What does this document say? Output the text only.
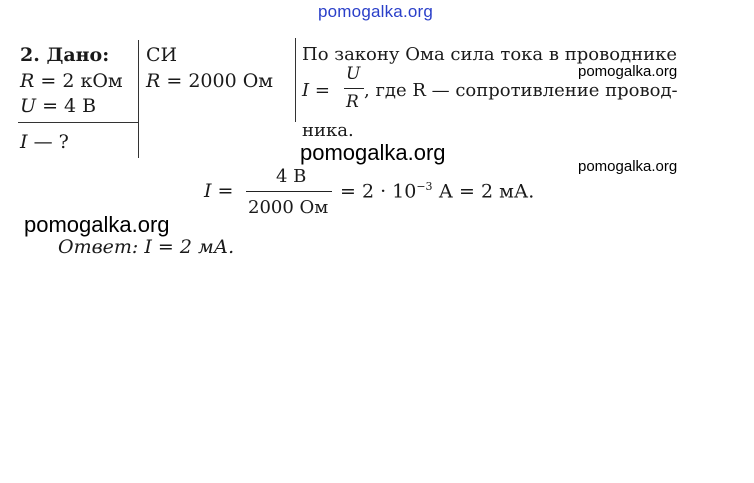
pomogalka.org
pomogalka.org
pomogalka.org
pomogalka.org
pomogalka.org
2. Дано:
R = 2 кОм
U = 4 В
I — ?
СИ
R = 2000 Ом
По закону Ома сила тока в проводнике
I =
U
R
, где R — сопротивление провод-
ника.
I =
4 В
2000 Ом
= $2 \cdot 10^{-3}$ А = 2 мА.
Ответ: I = 2 мА.
